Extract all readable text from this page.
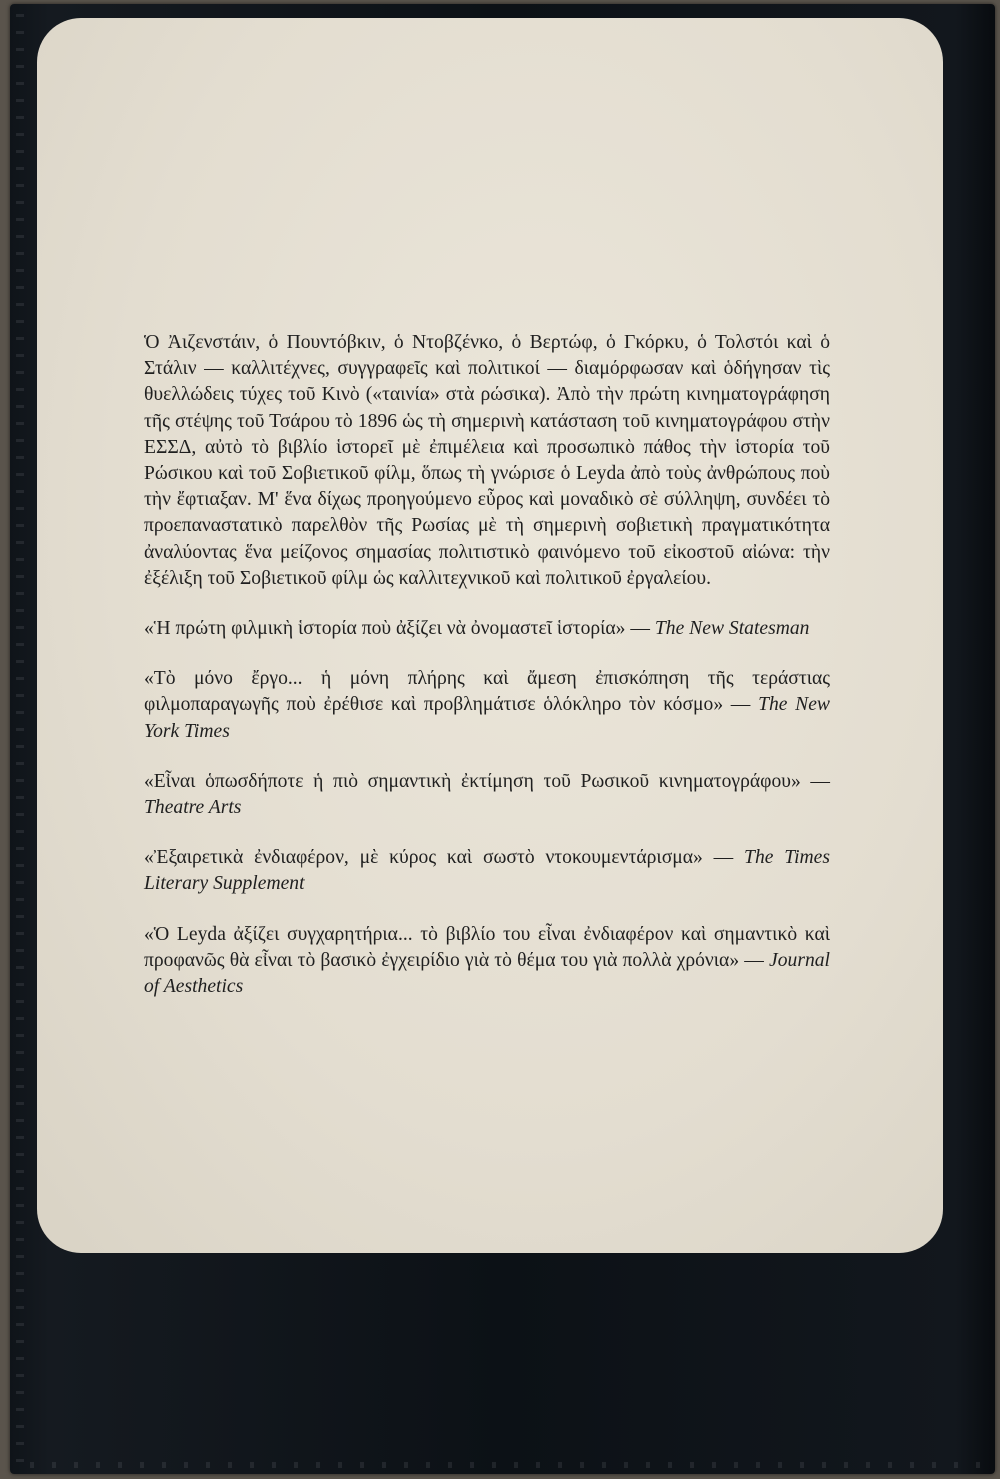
Ὁ Ἀιζενστάιν, ὁ Πουντόβκιν, ὁ Ντοβζένκο, ὁ Βερτώφ, ὁ Γκόρκυ, ὁ Τολστόι καὶ ὁ Στάλιν — καλλιτέχνες, συγγραφεῖς καὶ πολιτικοί — διαμόρφωσαν καὶ ὁδήγησαν τὶς θυελλώδεις τύχες τοῦ Κινὸ («ταινία» στὰ ρώσικα). Ἀπὸ τὴν πρώτη κινηματογράφηση τῆς στέψης τοῦ Τσάρου τὸ 1896 ὡς τὴ σημερινὴ κατάσταση τοῦ κινηματογράφου στὴν ΕΣΣΔ, αὐτὸ τὸ βιβλίο ἱστορεῖ μὲ ἐπιμέλεια καὶ προσωπικὸ πάθος τὴν ἱστορία τοῦ Ρώσικου καὶ τοῦ Σοβιετικοῦ φίλμ, ὅπως τὴ γνώρισε ὁ Leyda ἀπὸ τοὺς ἀνθρώπους ποὺ τὴν ἔφτιαξαν. Μ' ἕνα δίχως προηγούμενο εὖρος καὶ μοναδικὸ σὲ σύλληψη, συνδέει τὸ προεπαναστατικὸ παρελθὸν τῆς Ρωσίας μὲ τὴ σημερινὴ σοβιετικὴ πραγματικότητα ἀναλύοντας ἕνα μείζονος σημασίας πολιτιστικὸ φαινόμενο τοῦ εἰκοστοῦ αἰώνα: τὴν ἐξέλιξη τοῦ Σοβιετικοῦ φίλμ ὡς καλλιτεχνικοῦ καὶ πολιτικοῦ ἐργαλείου.

«Ἡ πρώτη φιλμικὴ ἱστορία ποὺ ἀξίζει νὰ ὀνομαστεῖ ἱστορία» — The New Statesman

«Τὸ μόνο ἔργο... ἡ μόνη πλήρης καὶ ἄμεση ἐπισκόπηση τῆς τεράστιας φιλμοπαραγωγῆς ποὺ ἐρέθισε καὶ προβλημάτισε ὁλόκληρο τὸν κόσμο» — The New York Times

«Εἶναι ὁπωσδήποτε ἡ πιὸ σημαντικὴ ἐκτίμηση τοῦ Ρωσικοῦ κινηματογράφου» — Theatre Arts

«Ἐξαιρετικὰ ἐνδιαφέρον, μὲ κύρος καὶ σωστὸ ντοκουμεντάρισμα» — The Times Literary Supplement

«Ὁ Leyda ἀξίζει συγχαρητήρια... τὸ βιβλίο του εἶναι ἐνδιαφέρον καὶ σημαντικὸ καὶ προφανῶς θὰ εἶναι τὸ βασικὸ ἐγχειρίδιο γιὰ τὸ θέμα του γιὰ πολλὰ χρόνια» — Journal of Aesthetics
